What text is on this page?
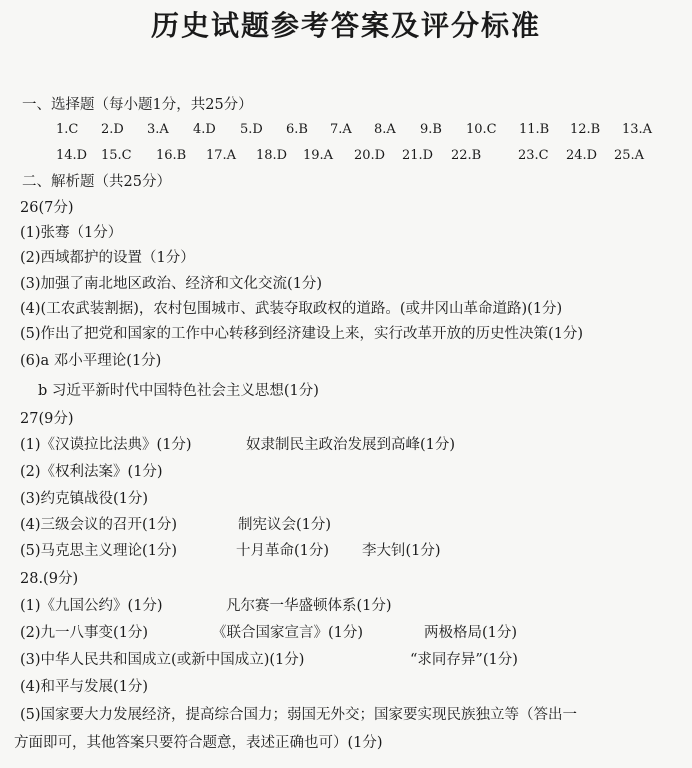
历史试题参考答案及评分标准
一、选择题（每小题1分，共25分）
1.C 2.D 3.A 4.D 5.D 6.B 7.A 8.A 9.B 10.C 11.B 12.B 13.A
14.D 15.C 16.B 17.A 18.D 19.A 20.D 21.D 22.B	23.C 24.D 25.A
二、解析题（共25分）
26(7分)
(1)张骞（1分）
(2)西域都护的设置（1分）
(3)加强了南北地区政治、经济和文化交流(1分)
(4)(工农武装割据)，农村包围城市、武装夺取政权的道路。(或井冈山革命道路)(1分)
(5)作出了把党和国家的工作中心转移到经济建设上来，实行改革开放的历史性决策(1分)
(6)a 邓小平理论(1分)
b 习近平新时代中国特色社会主义思想(1分)
27(9分)
(1)《汉谟拉比法典》(1分)	奴隶制民主政治发展到高峰(1分)
(2)《权利法案》(1分)
(3)约克镇战役(1分)
(4)三级会议的召开(1分)	制宪议会(1分)
(5)马克思主义理论(1分)	十月革命(1分) 李大钊(1分)
28.(9分)
(1)《九国公约》(1分)	凡尔赛一华盛顿体系(1分)
(2)九一八事变(1分)	《联合国家宣言》(1分)	两极格局(1分)
(3)中华人民共和国成立(或新中国成立)(1分)	“求同存异”(1分)
(4)和平与发展(1分)
(5)国家要大力发展经济，提高综合国力；弱国无外交；国家要实现民族独立等（答出一
方面即可，其他答案只要符合题意，表述正确也可）(1分)
